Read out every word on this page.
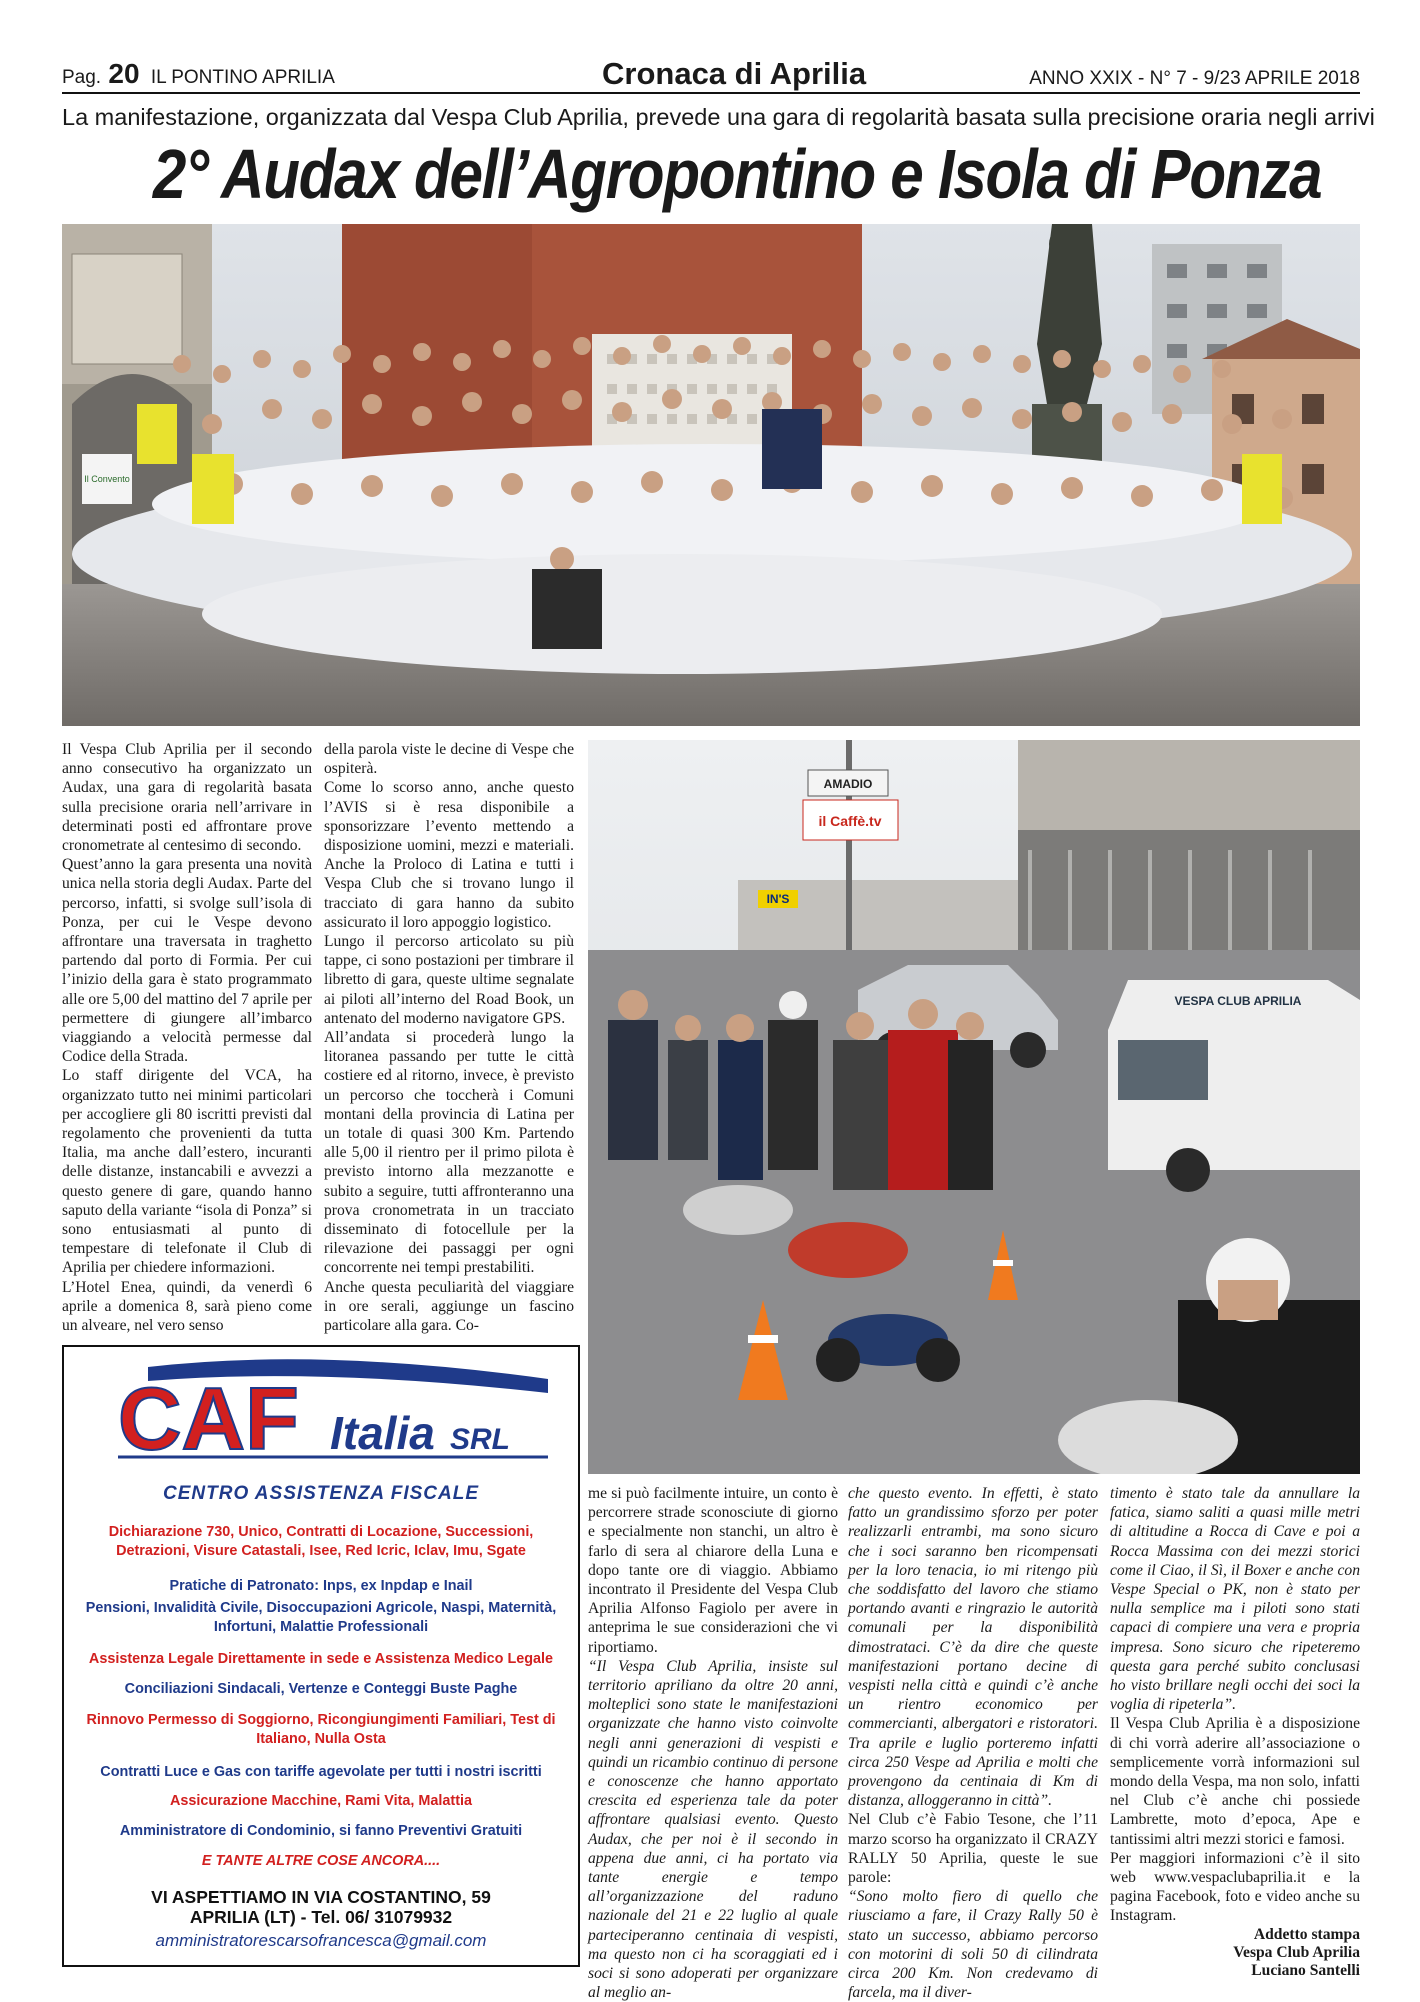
Pag. 20 IL PONTINO APRILIA	Cronaca di Aprilia	ANNO XXIX - N° 7 - 9/23 APRILE 2018
La manifestazione, organizzata dal Vespa Club Aprilia, prevede una gara di regolarità basata sulla precisione oraria negli arrivi
2° Audax dell’Agropontino e Isola di Ponza
Il Convento

Il Vespa Club Aprilia per il secondo anno consecutivo ha organizzato un Audax, una gara di regolarità basata sulla precisione oraria nell’arrivare in determinati posti ed affrontare prove cronometrate al centesimo di secondo.

Quest’anno la gara presenta una novità unica nella storia degli Audax. Parte del percorso, infatti, si svolge sull’isola di Ponza, per cui le Vespe devono affrontare una traversata in traghetto partendo dal porto di Formia. Per cui l’inizio della gara è stato programmato alle ore 5,00 del mattino del 7 aprile per permettere di giungere all’imbarco viaggiando a velocità permesse dal Codice della Strada.

Lo staff dirigente del VCA, ha organizzato tutto nei minimi particolari per accogliere gli 80 iscritti previsti dal regolamento che provenienti da tutta Italia, ma anche dall’estero, incuranti delle distanze, instancabili e avvezzi a questo genere di gare, quando hanno saputo della variante “isola di Ponza” si sono entusiasmati al punto di tempestare di telefonate il Club di Aprilia per chiedere informazioni.

L’Hotel Enea, quindi, da venerdì 6 aprile a domenica 8, sarà pieno come un alveare, nel vero senso

della parola viste le decine di Vespe che ospiterà.

Come lo scorso anno, anche questo l’AVIS si è resa disponibile a sponsorizzare l’evento mettendo a disposizione uomini, mezzi e materiali. Anche la Proloco di Latina e tutti i Vespa Club che si trovano lungo il tracciato di gara hanno da subito assicurato il loro appoggio logistico.

Lungo il percorso articolato su più tappe, ci sono postazioni per timbrare il libretto di gara, queste ultime segnalate ai piloti all’interno del Road Book, un antenato del moderno navigatore GPS.

All’andata si procederà lungo la litoranea passando per tutte le città costiere ed al ritorno, invece, è previsto un percorso che toccherà i Comuni montani della provincia di Latina per un totale di quasi 300 Km. Partendo alle 5,00 il rientro per il primo pilota è previsto intorno alla mezzanotte e subito a seguire, tutti affronteranno una prova cronometrata in un tracciato disseminato di fotocellule per la rilevazione dei passaggi per ogni concorrente nei tempi prestabiliti.

Anche questa peculiarità del viaggiare in ore serali, aggiunge un fascino particolare alla gara. Co-

IN'S
AMADIO
il Caffè.tv
VESPA CLUB APRILIA
CAF Italia SRL
CENTRO ASSISTENZA FISCALE
Dichiarazione 730, Unico, Contratti di Locazione, Successioni, Detrazioni, Visure Catastali, Isee, Red Icric, Iclav, Imu, Sgate
Pratiche di Patronato: Inps, ex Inpdap e Inail
Pensioni, Invalidità Civile, Disoccupazioni Agricole, Naspi, Maternità, Infortuni, Malattie Professionali
Assistenza Legale Direttamente in sede e Assistenza Medico Legale
Conciliazioni Sindacali, Vertenze e Conteggi Buste Paghe
Rinnovo Permesso di Soggiorno, Ricongiungimenti Familiari, Test di Italiano, Nulla Osta
Contratti Luce e Gas con tariffe agevolate per tutti i nostri iscritti
Assicurazione Macchine, Rami Vita, Malattia
Amministratore di Condominio, si fanno Preventivi Gratuiti
E TANTE ALTRE COSE ANCORA....
VI ASPETTIAMO IN VIA COSTANTINO, 59
APRILIA (LT) - Tel. 06/ 31079932
amministratorescarsofrancesca@gmail.com

me si può facilmente intuire, un conto è percorrere strade sconosciute di giorno e specialmente non stanchi, un altro è farlo di sera al chiarore della Luna e dopo tante ore di viaggio. Abbiamo incontrato il Presidente del Vespa Club Aprilia Alfonso Fagiolo per avere in anteprima le sue considerazioni che vi riportiamo.

“Il Vespa Club Aprilia, insiste sul territorio apriliano da oltre 20 anni, molteplici sono state le manifestazioni organizzate che hanno visto coinvolte negli anni generazioni di vespisti e quindi un ricambio continuo di persone e conoscenze che hanno apportato crescita ed esperienza tale da poter affrontare qualsiasi evento. Questo Audax, che per noi è il secondo in appena due anni, ci ha portato via tante energie e tempo all’organizzazione del raduno nazionale del 21 e 22 luglio al quale parteciperanno centinaia di vespisti, ma questo non ci ha scoraggiati ed i soci si sono adoperati per organizzare al meglio an-

che questo evento. In effetti, è stato fatto un grandissimo sforzo per poter realizzarli entrambi, ma sono sicuro che i soci saranno ben ricompensati per la loro tenacia, io mi ritengo più che soddisfatto del lavoro che stiamo portando avanti e ringrazio le autorità comunali per la disponibilità dimostrataci. C’è da dire che queste manifestazioni portano decine di vespisti nella città e quindi c’è anche un rientro economico per commercianti, albergatori e ristoratori. Tra aprile e luglio porteremo infatti circa 250 Vespe ad Aprilia e molti che provengono da centinaia di Km di distanza, alloggeranno in città”.

Nel Club c’è Fabio Tesone, che l’11 marzo scorso ha organizzato il CRAZY RALLY 50 Aprilia, queste le sue parole:

“Sono molto fiero di quello che riusciamo a fare, il Crazy Rally 50 è stato un successo, abbiamo percorso con motorini di soli 50 di cilindrata circa 200 Km. Non credevamo di farcela, ma il diver-

timento è stato tale da annullare la fatica, siamo saliti a quasi mille metri di altitudine a Rocca di Cave e poi a Rocca Massima con dei mezzi storici come il Ciao, il Sì, il Boxer e anche con Vespe Special o PK, non è stato per nulla semplice ma i piloti sono stati capaci di compiere una vera e propria impresa. Sono sicuro che ripeteremo questa gara perché subito conclusasi ho visto brillare negli occhi dei soci la voglia di ripeterla”.

Il Vespa Club Aprilia è a disposizione di chi vorrà aderire all’associazione o semplicemente vorrà informazioni sul mondo della Vespa, ma non solo, infatti nel Club c’è anche chi possiede Lambrette, moto d’epoca, Ape e tantissimi altri mezzi storici e famosi.

Per maggiori informazioni c’è il sito web www.vespaclubaprilia.it e la pagina Facebook, foto e video anche su Instagram.

Addetto stampa
Vespa Club Aprilia
Luciano Santelli
